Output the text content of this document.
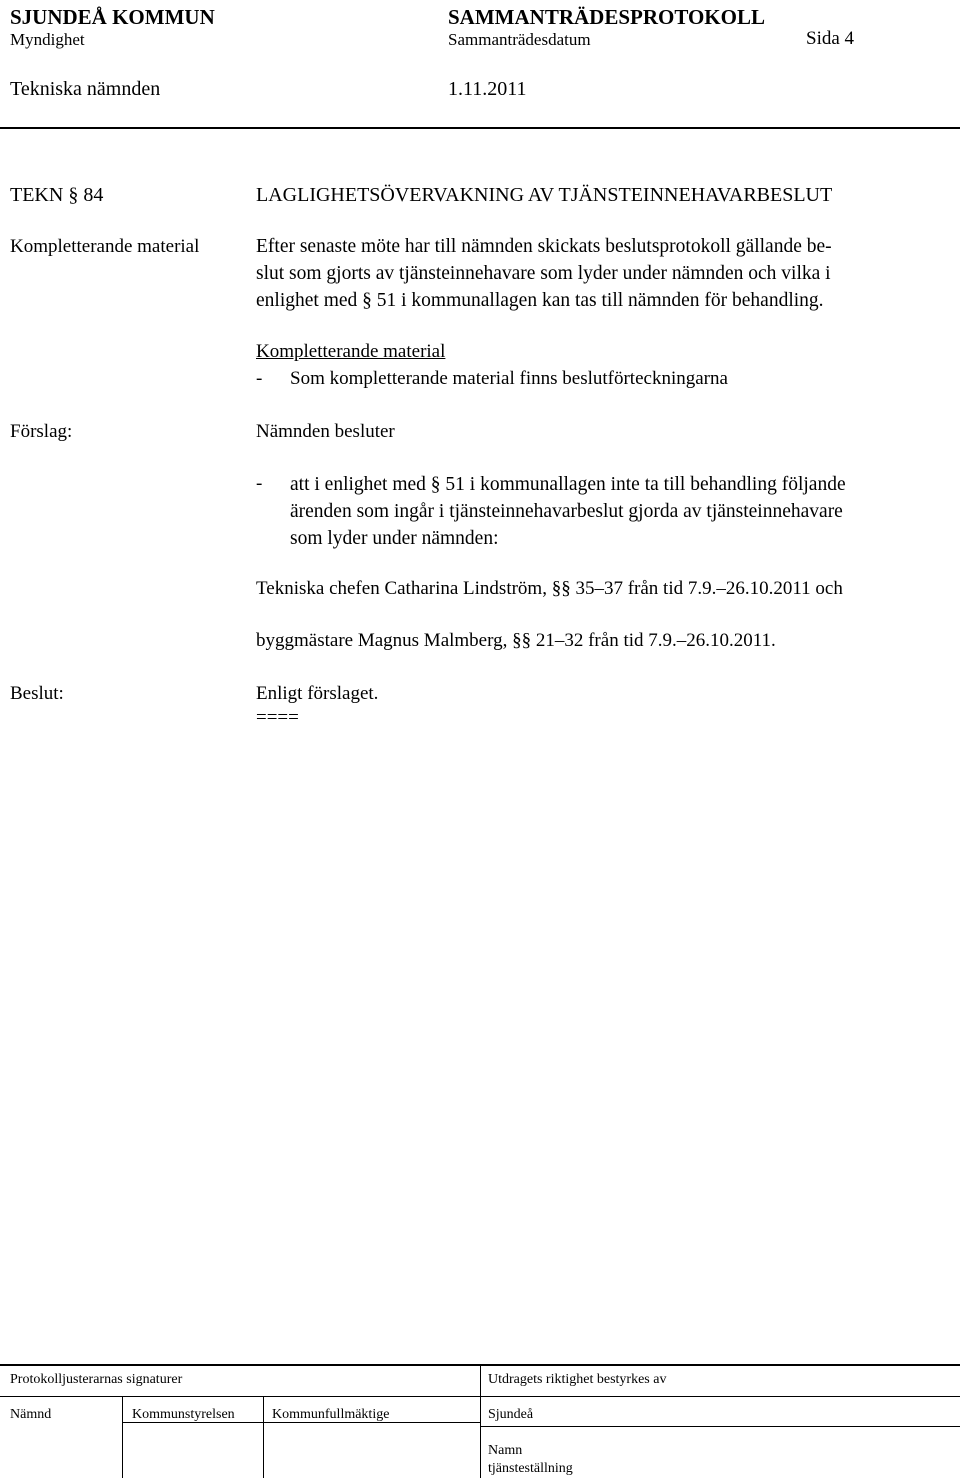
SJUNDEÅ KOMMUN	SAMMANTRÄDESPROTOKOLL
Myndighet	Sammanträdesdatum	Sida 4
Tekniska nämnden	1.11.2011
TEKN § 84	LAGLIGHETSÖVERVAKNING AV TJÄNSTEINNEHAVARBESLUT
Kompletterande material	Efter senaste möte har till nämnden skickats beslutsprotokoll gällande be-
slut som gjorts av tjänsteinnehavare som lyder under nämnden och vilka i
enlighet med § 51 i kommunallagen kan tas till nämnden för behandling.
Kompletterande material
- Som kompletterande material finns beslutförteckningarna
Förslag:	Nämnden besluter
- att i enlighet med § 51 i kommunallagen inte ta till behandling följande
ärenden som ingår i tjänsteinnehavarbeslut gjorda av tjänsteinnehavare
som lyder under nämnden:
Tekniska chefen Catharina Lindström, §§ 35–37 från tid 7.9.–26.10.2011 och
byggmästare Magnus Malmberg, §§ 21–32 från tid 7.9.–26.10.2011.
Beslut:	Enligt förslaget.
====
Protokolljusterarnas signaturer	Utdragets riktighet bestyrkes av
Nämnd	Kommunstyrelsen	Kommunfullmäktige	Sjundeå
Namn
tjänsteställning
